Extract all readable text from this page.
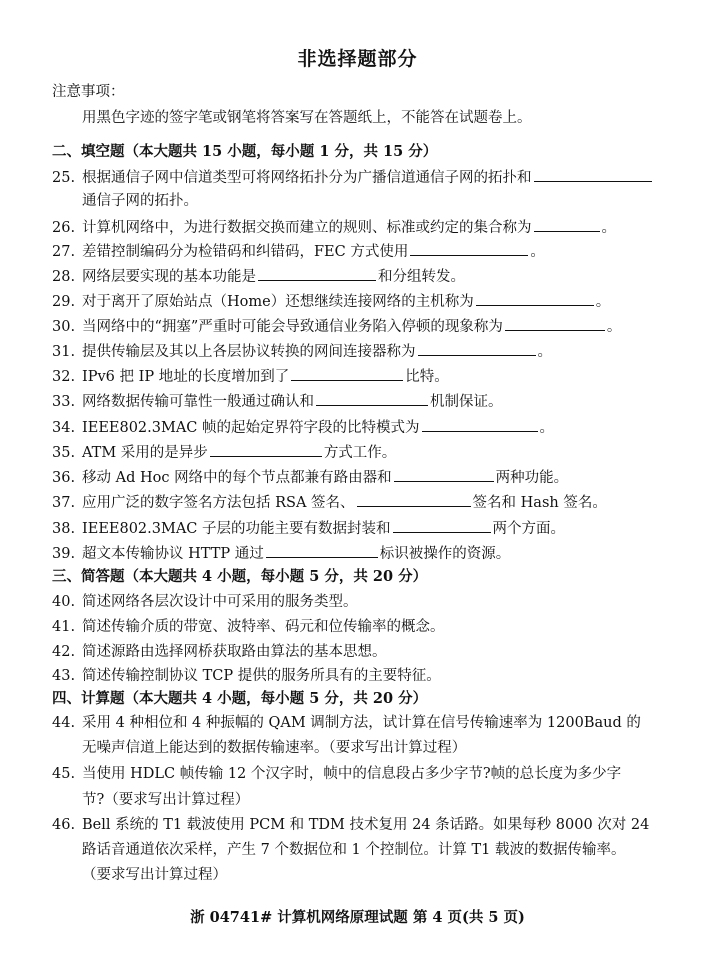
非选择题部分
注意事项：
用黑色字迹的签字笔或钢笔将答案写在答题纸上，不能答在试题卷上。
二、填空题（本大题共 15 小题，每小题 1 分，共 15 分）
25. 根据通信子网中信道类型可将网络拓扑分为广播信道通信子网的拓扑和
通信子网的拓扑。
26. 计算机网络中，为进行数据交换而建立的规则、标准或约定的集合称为	。
27. 差错控制编码分为检错码和纠错码，FEC 方式使用	。
28. 网络层要实现的基本功能是	和分组转发。
29. 对于离开了原始站点（Home）还想继续连接网络的主机称为	。
30. 当网络中的“拥塞”严重时可能会导致通信业务陷入停顿的现象称为	。
31. 提供传输层及其以上各层协议转换的网间连接器称为	。
32. IPv6 把 IP 地址的长度增加到了	比特。
33. 网络数据传输可靠性一般通过确认和	机制保证。
34. IEEE802.3MAC 帧的起始定界符字段的比特模式为	。
35. ATM 采用的是异步	方式工作。
36. 移动 Ad Hoc 网络中的每个节点都兼有路由器和	两种功能。
37. 应用广泛的数字签名方法包括 RSA 签名、	签名和 Hash 签名。
38. IEEE802.3MAC 子层的功能主要有数据封装和	两个方面。
39. 超文本传输协议 HTTP 通过	标识被操作的资源。
三、简答题（本大题共 4 小题，每小题 5 分，共 20 分）
40. 简述网络各层次设计中可采用的服务类型。
41. 简述传输介质的带宽、波特率、码元和位传输率的概念。
42. 简述源路由选择网桥获取路由算法的基本思想。
43. 简述传输控制协议 TCP 提供的服务所具有的主要特征。
四、计算题（本大题共 4 小题，每小题 5 分，共 20 分）
44. 采用 4 种相位和 4 种振幅的 QAM 调制方法，试计算在信号传输速率为 1200Baud 的
无噪声信道上能达到的数据传输速率。（要求写出计算过程）
45. 当使用 HDLC 帧传输 12 个汉字时，帧中的信息段占多少字节?帧的总长度为多少字
节?（要求写出计算过程）
46. Bell 系统的 T1 载波使用 PCM 和 TDM 技术复用 24 条话路。如果每秒 8000 次对 24
路话音通道依次采样，产生 7 个数据位和 1 个控制位。计算 T1 载波的数据传输率。
（要求写出计算过程）
浙 04741# 计算机网络原理试题 第 4 页(共 5 页)
